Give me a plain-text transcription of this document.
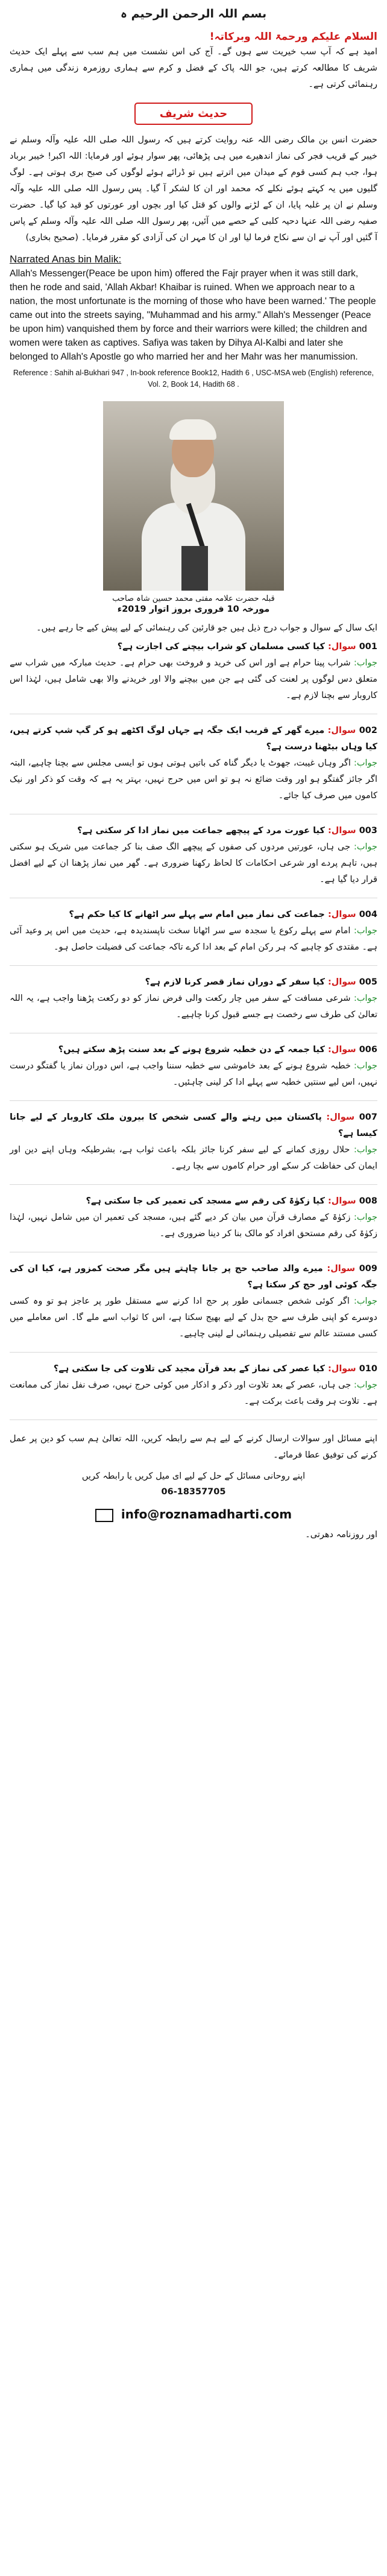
بسم اللہ الرحمن الرحیم ہ
السلام علیکم ورحمۃ اللہ وبرکاتہ!
امید ہے کہ آپ سب خیریت سے ہوں گے۔ آج کی اس نشست میں ہم سب سے پہلے ایک حدیث شریف کا مطالعہ کرتے ہیں، جو اللہ پاک کے فضل و کرم سے ہماری روزمرہ زندگی میں ہماری رہنمائی کرتی ہے۔
حدیث شریف
حضرت انس بن مالک رضی اللہ عنہ روایت کرتے ہیں کہ رسول اللہ صلی اللہ علیہ وآلہ وسلم نے خیبر کے قریب فجر کی نماز اندھیرے میں ہی پڑھائی، پھر سوار ہوئے اور فرمایا: اللہ اکبر! خیبر برباد ہوا، جب ہم کسی قوم کے میدان میں اترتے ہیں تو ڈرائے ہوئے لوگوں کی صبح بری ہوتی ہے۔ لوگ گلیوں میں یہ کہتے ہوئے نکلے کہ محمد اور ان کا لشکر آ گیا۔ پس رسول اللہ صلی اللہ علیہ وآلہ وسلم نے ان پر غلبہ پایا، ان کے لڑنے والوں کو قتل کیا اور بچوں اور عورتوں کو قید کیا گیا۔ حضرت صفیہ رضی اللہ عنہا دحیہ کلبی کے حصے میں آئیں، پھر رسول اللہ صلی اللہ علیہ وآلہ وسلم کے پاس آ گئیں اور آپ نے ان سے نکاح فرما لیا اور ان کا مہر ان کی آزادی کو مقرر فرمایا۔ (صحیح بخاری)
Narrated Anas bin Malik:
Allah's Messenger(Peace be upon him) offered the Fajr prayer when it was still dark, then he rode and said, 'Allah Akbar! Khaibar is ruined. When we approach near to a nation, the most unfortunate is the morning of those who have been warned.' The people came out into the streets saying, "Muhammad and his army." Allah's Messenger (Peace be upon him) vanquished them by force and their warriors were killed; the children and women were taken as captives. Safiya was taken by Dihya Al-Kalbi and later she belonged to Allah's Apostle go who married her and her Mahr was her manumission.
Reference : Sahih al-Bukhari 947 , In-book reference Book12, Hadith 6 , USC-MSA web (English) reference, Vol. 2, Book 14, Hadith 68 .
قبلہ حضرت علامہ مفتی محمد حسین شاہ صاحب
مورخہ 10 فروری بروز اتوار 2019ء
ایک سال کے سوال و جواب درج ذیل ہیں جو قارئین کی رہنمائی کے لیے پیش کیے جا رہے ہیں۔
001 سوال: کیا کسی مسلمان کو شراب بیچنے کی اجازت ہے؟
جواب: شراب پینا حرام ہے اور اس کی خرید و فروخت بھی حرام ہے۔ حدیث مبارکہ میں شراب سے متعلق دس لوگوں پر لعنت کی گئی ہے جن میں بیچنے والا اور خریدنے والا بھی شامل ہیں، لہٰذا اس کاروبار سے بچنا لازم ہے۔
002 سوال: میرے گھر کے قریب ایک جگہ ہے جہاں لوگ اکٹھے ہو کر گپ شپ کرتے ہیں، کیا وہاں بیٹھنا درست ہے؟
جواب: اگر وہاں غیبت، جھوٹ یا دیگر گناہ کی باتیں ہوتی ہوں تو ایسی مجلس سے بچنا چاہیے، البتہ اگر جائز گفتگو ہو اور وقت ضائع نہ ہو تو اس میں حرج نہیں، بہتر یہ ہے کہ وقت کو ذکر اور نیک کاموں میں صرف کیا جائے۔
003 سوال: کیا عورت مرد کے پیچھے جماعت میں نماز ادا کر سکتی ہے؟
جواب: جی ہاں، عورتیں مردوں کی صفوں کے پیچھے الگ صف بنا کر جماعت میں شریک ہو سکتی ہیں، تاہم پردے اور شرعی احکامات کا لحاظ رکھنا ضروری ہے۔ گھر میں نماز پڑھنا ان کے لیے افضل قرار دیا گیا ہے۔
004 سوال: جماعت کی نماز میں امام سے پہلے سر اٹھانے کا کیا حکم ہے؟
جواب: امام سے پہلے رکوع یا سجدہ سے سر اٹھانا سخت ناپسندیدہ ہے، حدیث میں اس پر وعید آئی ہے۔ مقتدی کو چاہیے کہ ہر رکن امام کے بعد ادا کرے تاکہ جماعت کی فضیلت حاصل ہو۔
005 سوال: کیا سفر کے دوران نماز قصر کرنا لازم ہے؟
جواب: شرعی مسافت کے سفر میں چار رکعت والی فرض نماز کو دو رکعت پڑھنا واجب ہے، یہ اللہ تعالیٰ کی طرف سے رخصت ہے جسے قبول کرنا چاہیے۔
006 سوال: کیا جمعہ کے دن خطبہ شروع ہونے کے بعد سنت پڑھ سکتے ہیں؟
جواب: خطبہ شروع ہونے کے بعد خاموشی سے خطبہ سننا واجب ہے، اس دوران نماز یا گفتگو درست نہیں، اس لیے سنتیں خطبہ سے پہلے ادا کر لینی چاہئیں۔
007 سوال: پاکستان میں رہنے والے کسی شخص کا بیرون ملک کاروبار کے لیے جانا کیسا ہے؟
جواب: حلال روزی کمانے کے لیے سفر کرنا جائز بلکہ باعث ثواب ہے، بشرطیکہ وہاں اپنے دین اور ایمان کی حفاظت کر سکے اور حرام کاموں سے بچا رہے۔
008 سوال: کیا زکوٰۃ کی رقم سے مسجد کی تعمیر کی جا سکتی ہے؟
جواب: زکوٰۃ کے مصارف قرآن میں بیان کر دیے گئے ہیں، مسجد کی تعمیر ان میں شامل نہیں، لہٰذا زکوٰۃ کی رقم مستحق افراد کو مالک بنا کر دینا ضروری ہے۔
009 سوال: میرے والد صاحب حج پر جانا چاہتے ہیں مگر صحت کمزور ہے، کیا ان کی جگہ کوئی اور حج کر سکتا ہے؟
جواب: اگر کوئی شخص جسمانی طور پر حج ادا کرنے سے مستقل طور پر عاجز ہو تو وہ کسی دوسرے کو اپنی طرف سے حج بدل کے لیے بھیج سکتا ہے، اس کا ثواب اسے ملے گا۔ اس معاملے میں کسی مستند عالم سے تفصیلی رہنمائی لے لینی چاہیے۔
010 سوال: کیا عصر کی نماز کے بعد قرآن مجید کی تلاوت کی جا سکتی ہے؟
جواب: جی ہاں، عصر کے بعد تلاوت اور ذکر و اذکار میں کوئی حرج نہیں، صرف نفل نماز کی ممانعت ہے۔ تلاوت ہر وقت باعث برکت ہے۔
اپنے مسائل اور سوالات ارسال کرنے کے لیے ہم سے رابطہ کریں، اللہ تعالیٰ ہم سب کو دین پر عمل کرنے کی توفیق عطا فرمائے۔
اپنے روحانی مسائل کے حل کے لیے ای میل کریں یا رابطہ کریں
06-18357705
info@roznamadharti.com
اور روزنامہ دھرتی۔
